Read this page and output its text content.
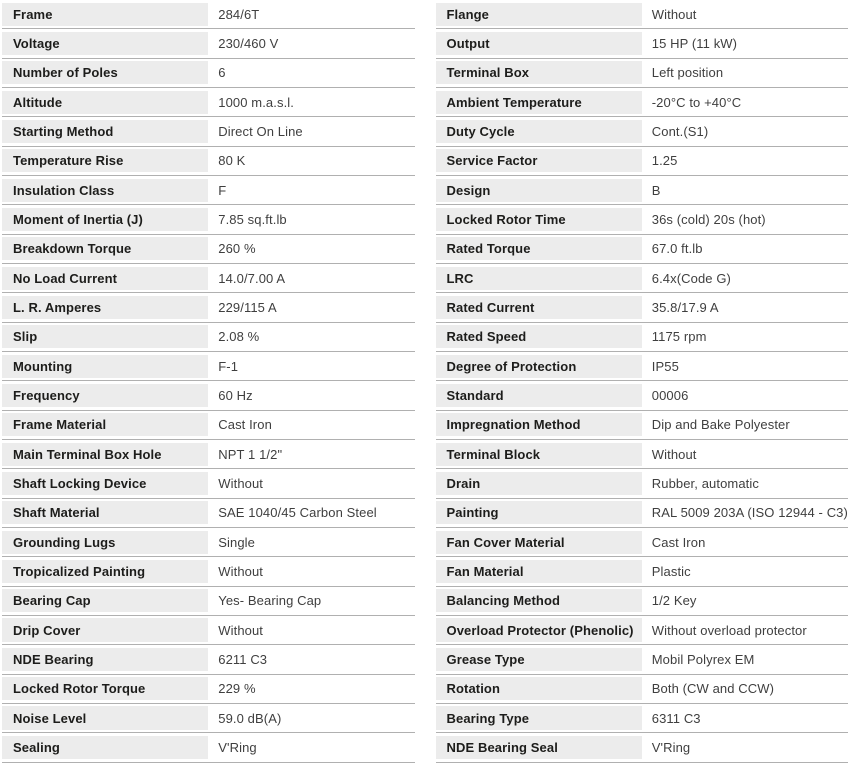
Frame	284/6T
Voltage	230/460 V
Number of Poles	6
Altitude	1000 m.a.s.l.
Starting Method	Direct On Line
Temperature Rise	80 K
Insulation Class	F
Moment of Inertia (J)	7.85 sq.ft.lb
Breakdown Torque	260 %
No Load Current	14.0/7.00 A
L. R. Amperes	229/115 A
Slip	2.08 %
Mounting	F-1
Frequency	60 Hz
Frame Material	Cast Iron
Main Terminal Box Hole	NPT 1 1/2"
Shaft Locking Device	Without
Shaft Material	SAE 1040/45 Carbon Steel
Grounding Lugs	Single
Tropicalized Painting	Without
Bearing Cap	Yes- Bearing Cap
Drip Cover	Without
NDE Bearing	6211 C3
Locked Rotor Torque	229 %
Noise Level	59.0 dB(A)
Sealing	V'Ring
Flange	Without
Output	15 HP (11 kW)
Terminal Box	Left position
Ambient Temperature	-20°C to +40°C
Duty Cycle	Cont.(S1)
Service Factor	1.25
Design	B
Locked Rotor Time	36s (cold) 20s (hot)
Rated Torque	67.0 ft.lb
LRC	6.4x(Code G)
Rated Current	35.8/17.9 A
Rated Speed	1175 rpm
Degree of Protection	IP55
Standard	00006
Impregnation Method	Dip and Bake Polyester
Terminal Block	Without
Drain	Rubber, automatic
Painting	RAL 5009 203A (ISO 12944 - C3)
Fan Cover Material	Cast Iron
Fan Material	Plastic
Balancing Method	1/2 Key
Overload Protector (Phenolic)	Without overload protector
Grease Type	Mobil Polyrex EM
Rotation	Both (CW and CCW)
Bearing Type	6311 C3
NDE Bearing Seal	V'Ring
